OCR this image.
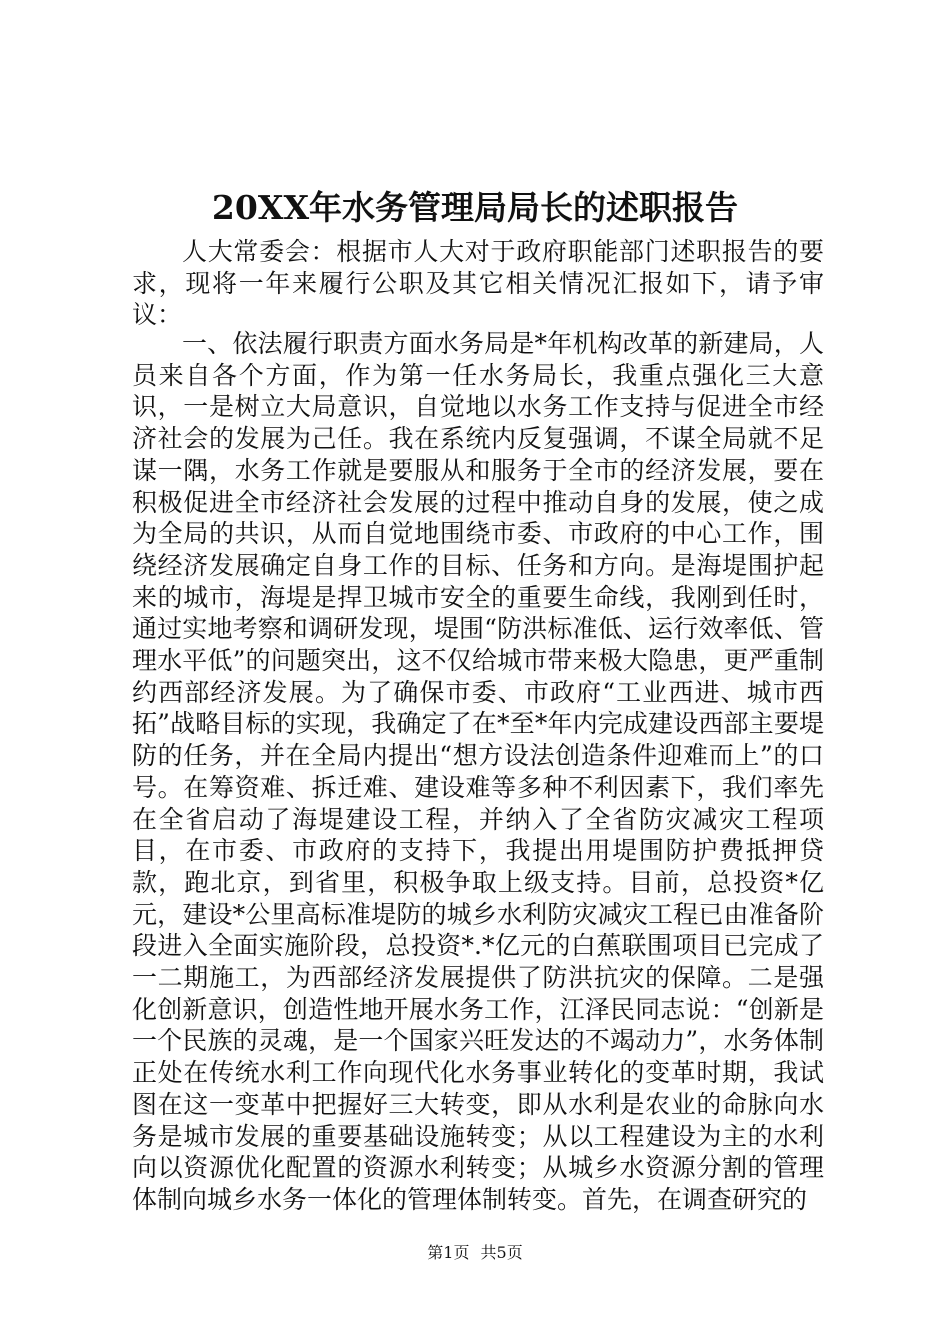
20XX年水务管理局局长的述职报告

人大常委会：根据市人大对于政府职能部门述职报告的要求，现将一年来履行公职及其它相关情况汇报如下，请予审议：

一、依法履行职责方面水务局是*年机构改革的新建局，人员来自各个方面，作为第一任水务局长，我重点强化三大意识，一是树立大局意识，自觉地以水务工作支持与促进全市经济社会的发展为己任。我在系统内反复强调，不谋全局就不足谋一隅，水务工作就是要服从和服务于全市的经济发展，要在积极促进全市经济社会发展的过程中推动自身的发展，使之成为全局的共识，从而自觉地围绕市委、市政府的中心工作，围绕经济发展确定自身工作的目标、任务和方向。是海堤围护起来的城市，海堤是捍卫城市安全的重要生命线，我刚到任时，通过实地考察和调研发现，堤围“防洪标准低、运行效率低、管理水平低”的问题突出，这不仅给城市带来极大隐患，更严重制约西部经济发展。为了确保市委、市政府“工业西进、城市西拓”战略目标的实现，我确定了在*至*年内完成建设西部主要堤防的任务，并在全局内提出“想方设法创造条件迎难而上”的口号。在筹资难、拆迁难、建设难等多种不利因素下，我们率先在全省启动了海堤建设工程，并纳入了全省防灾减灾工程项目，在市委、市政府的支持下，我提出用堤围防护费抵押贷款，跑北京，到省里，积极争取上级支持。目前，总投资*亿元，建设*公里高标准堤防的城乡水利防灾减灾工程已由准备阶段进入全面实施阶段，总投资*.*亿元的白蕉联围项目已完成了一二期施工，为西部经济发展提供了防洪抗灾的保障。二是强化创新意识，创造性地开展水务工作，江泽民同志说：“创新是一个民族的灵魂，是一个国家兴旺发达的不竭动力”，水务体制正处在传统水利工作向现代化水务事业转化的变革时期，我试图在这一变革中把握好三大转变，即从水利是农业的命脉向水务是城市发展的重要基础设施转变；从以工程建设为主的水利向以资源优化配置的资源水利转变；从城乡水资源分割的管理体制向城乡水务一体化的管理体制转变。首先，在调查研究的

第1页 共5页
